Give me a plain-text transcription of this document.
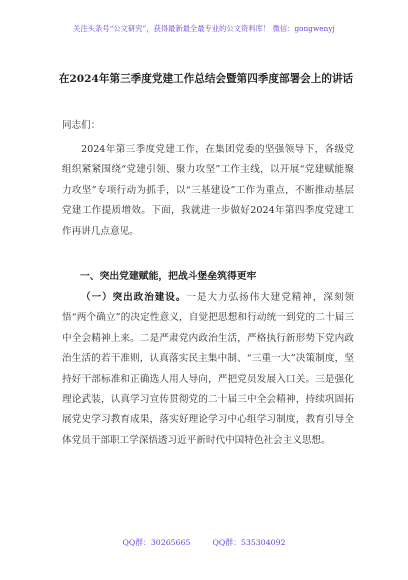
关注头条号“公文研究”，获得最新最全最专业的公文资料库！ 微信：gongwenyj
在2024年第三季度党建工作总结会暨第四季度部署会上的讲话
同志们：
2024年第三季度党建工作，在集团党委的坚强领导下，各级党组织紧紧围绕“党建引领、聚力攻坚”工作主线，以开展“党建赋能聚力攻坚”专项行动为抓手，以“三基建设”工作为重点，不断推动基层党建工作提质增效。下面，我就进一步做好2024年第四季度党建工作再讲几点意见。
一、突出党建赋能，把战斗堡垒筑得更牢
（一）突出政治建设。一是大力弘扬伟大建党精神，深刻领悟“两个确立”的决定性意义，自觉把思想和行动统一到党的二十届三中全会精神上来。二是严肃党内政治生活，严格执行新形势下党内政治生活的若干准则，认真落实民主集中制、“三重一大”决策制度，坚持好干部标准和正确选人用人导向，严把党员发展入口关。三是强化理论武装，认真学习宣传贯彻党的二十届三中全会精神，持续巩固拓展党史学习教育成果，落实好理论学习中心组学习制度，教育引导全体党员干部职工学深悟透习近平新时代中国特色社会主义思想。
QQ群：30265665	QQ群：535304092
